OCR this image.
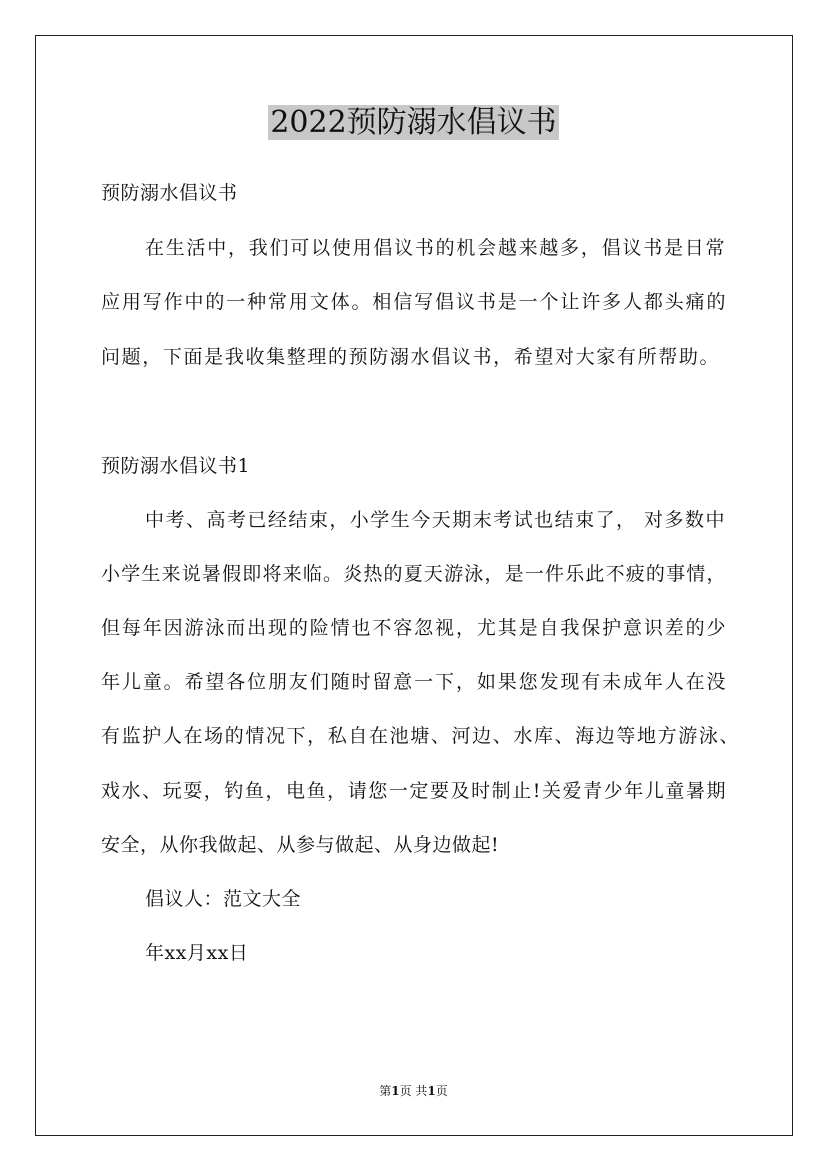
2022预防溺水倡议书
预防溺水倡议书
在生活中，我们可以使用倡议书的机会越来越多，倡议书是日常
应用写作中的一种常用文体。相信写倡议书是一个让许多人都头痛的
问题，下面是我收集整理的预防溺水倡议书，希望对大家有所帮助。
预防溺水倡议书1
中考、高考已经结束，小学生今天期末考试也结束了， 对多数中
小学生来说暑假即将来临。炎热的夏天游泳，是一件乐此不疲的事情，
但每年因游泳而出现的险情也不容忽视，尤其是自我保护意识差的少
年儿童。希望各位朋友们随时留意一下，如果您发现有未成年人在没
有监护人在场的情况下，私自在池塘、河边、水库、海边等地方游泳、
戏水、玩耍，钓鱼，电鱼，请您一定要及时制止!关爱青少年儿童暑期
安全，从你我做起、从参与做起、从身边做起!
倡议人：范文大全
年xx月xx日
第1页 共1页
